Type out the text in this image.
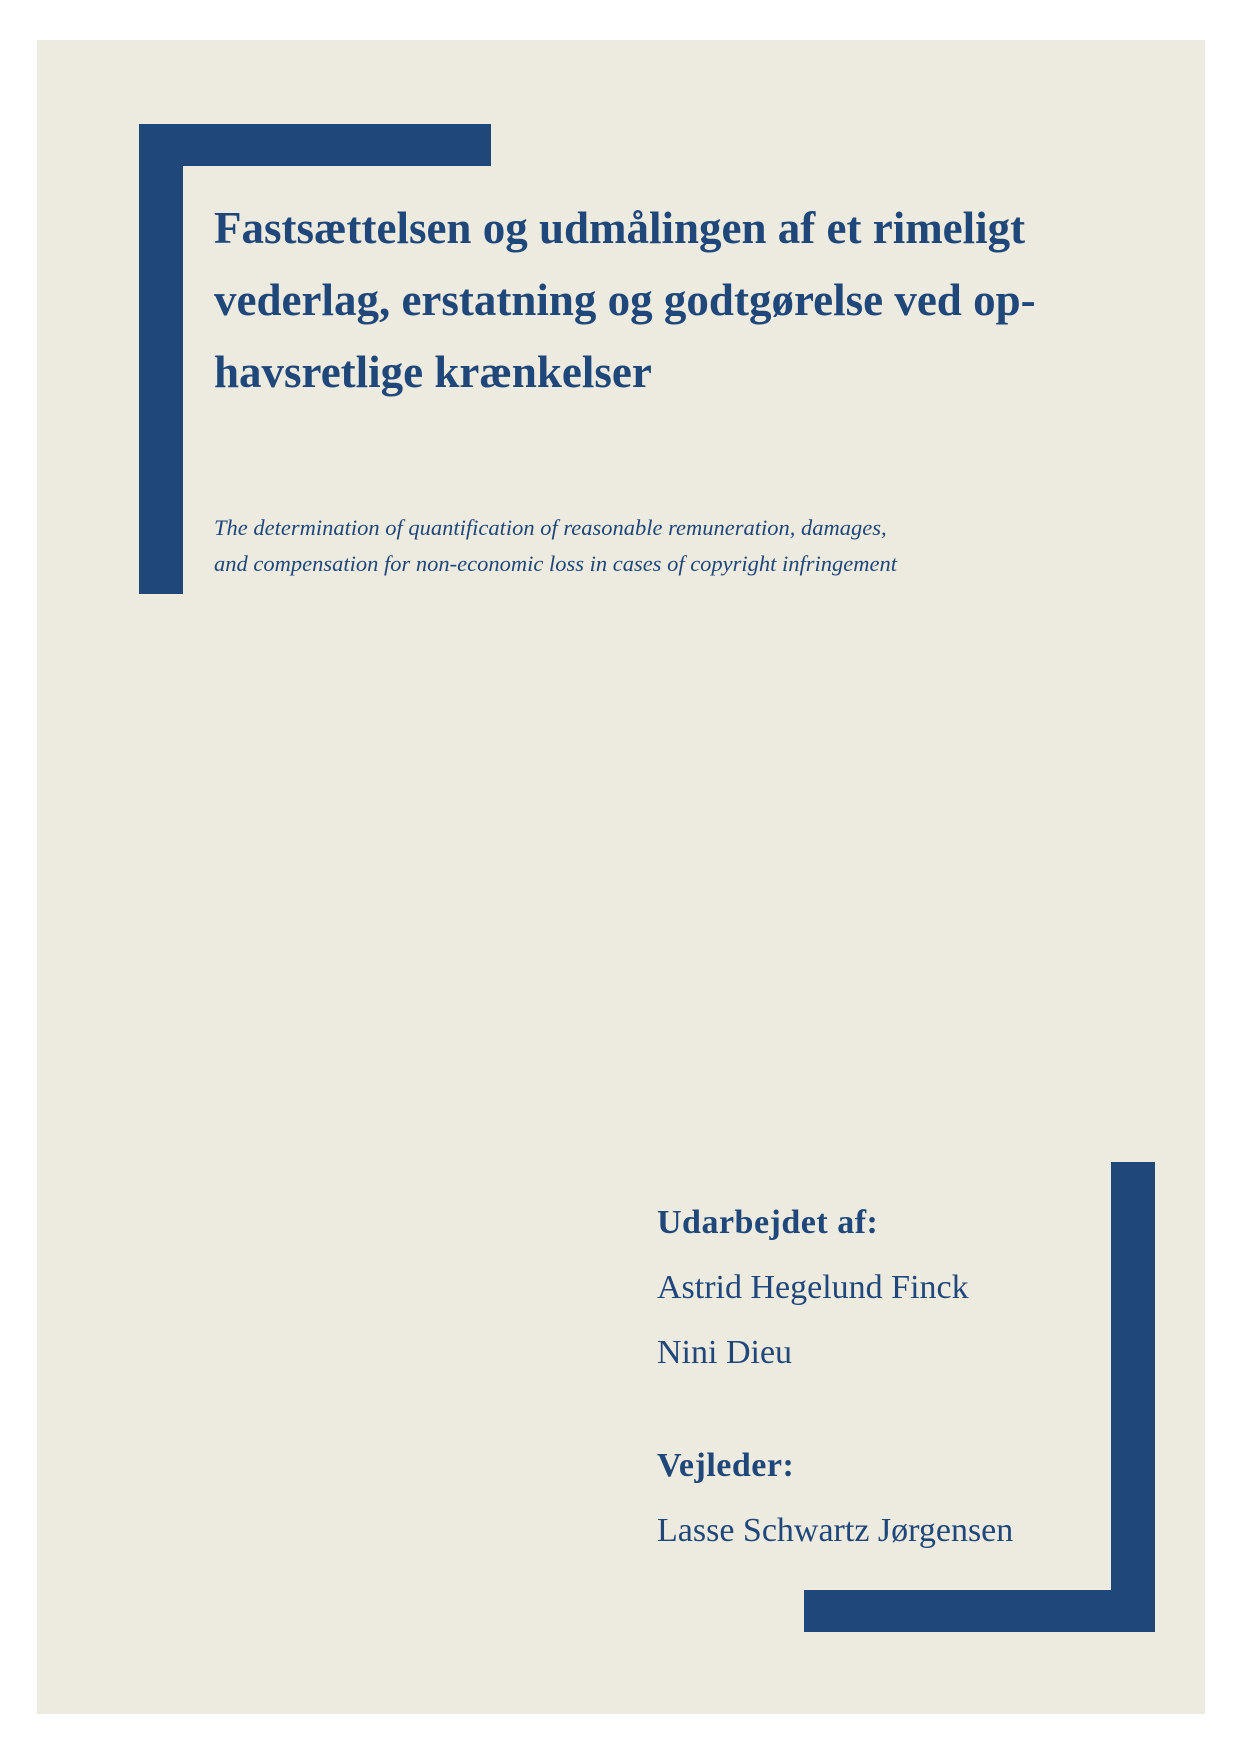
Fastsættelsen og udmålingen af et rimeligt
vederlag, erstatning og godtgørelse ved op-
havsretlige krænkelser

The determination of quantification of reasonable remuneration, damages,
and compensation for non-economic loss in cases of copyright infringement

Udarbejdet af:

Astrid Hegelund Finck

Nini Dieu

Vejleder:

Lasse Schwartz Jørgensen
